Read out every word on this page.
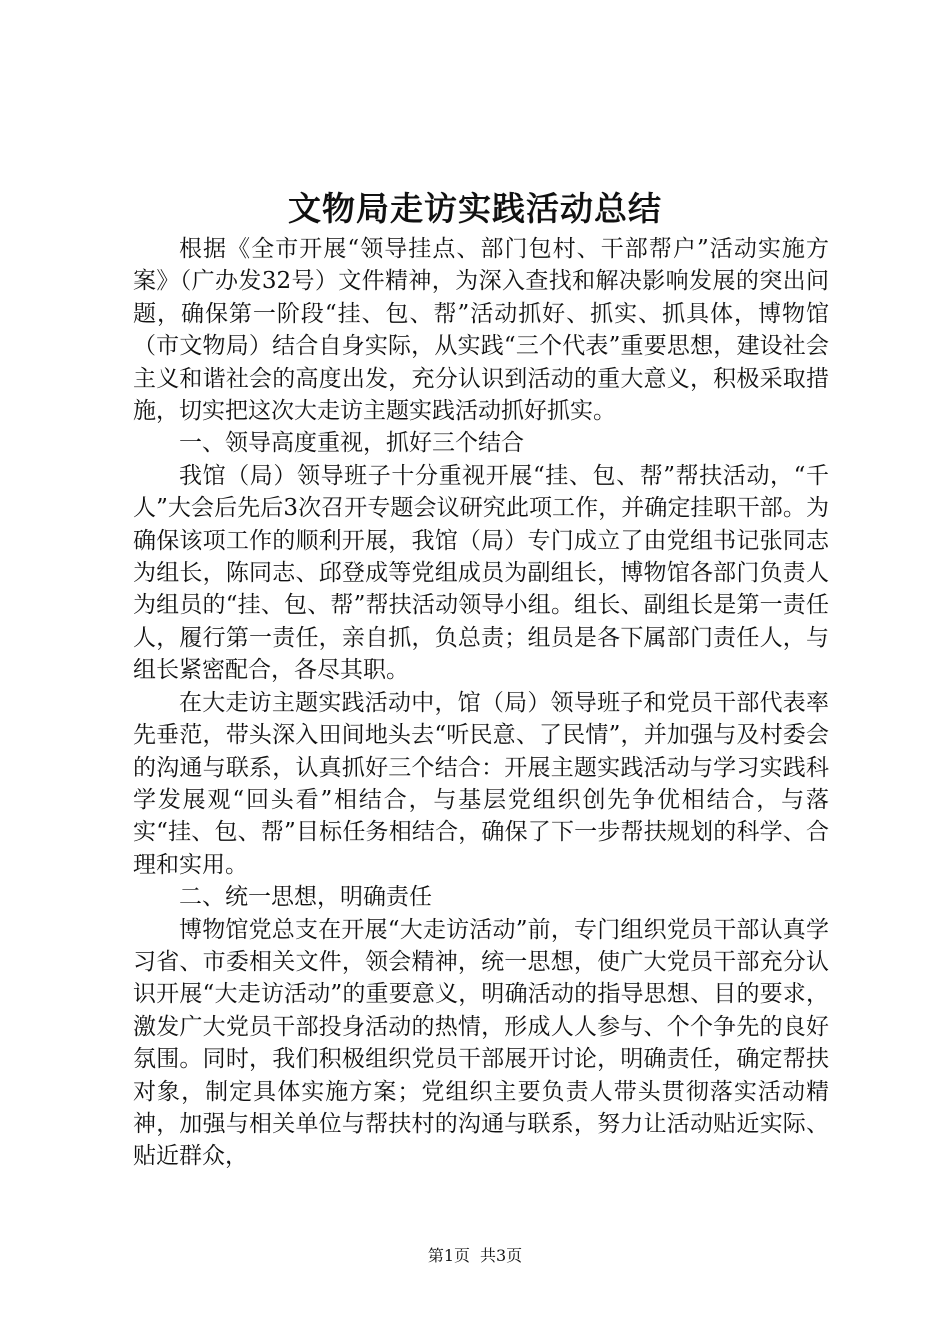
文物局走访实践活动总结

根据《全市开展“领导挂点、部门包村、干部帮户”活动实施方案》（广办发32号）文件精神，为深入查找和解决影响发展的突出问题，确保第一阶段“挂、包、帮”活动抓好、抓实、抓具体，博物馆（市文物局）结合自身实际，从实践“三个代表”重要思想，建设社会主义和谐社会的高度出发，充分认识到活动的重大意义，积极采取措施，切实把这次大走访主题实践活动抓好抓实。

一、领导高度重视，抓好三个结合

我馆（局）领导班子十分重视开展“挂、包、帮”帮扶活动，“千人”大会后先后3次召开专题会议研究此项工作，并确定挂职干部。为确保该项工作的顺利开展，我馆（局）专门成立了由党组书记张同志为组长，陈同志、邱登成等党组成员为副组长，博物馆各部门负责人为组员的“挂、包、帮”帮扶活动领导小组。组长、副组长是第一责任人，履行第一责任，亲自抓，负总责；组员是各下属部门责任人，与组长紧密配合，各尽其职。

在大走访主题实践活动中，馆（局）领导班子和党员干部代表率先垂范，带头深入田间地头去“听民意、了民情”，并加强与及村委会的沟通与联系，认真抓好三个结合：开展主题实践活动与学习实践科学发展观“回头看”相结合，与基层党组织创先争优相结合，与落实“挂、包、帮”目标任务相结合，确保了下一步帮扶规划的科学、合理和实用。

二、统一思想，明确责任

博物馆党总支在开展“大走访活动”前，专门组织党员干部认真学习省、市委相关文件，领会精神，统一思想，使广大党员干部充分认识开展“大走访活动”的重要意义，明确活动的指导思想、目的要求，激发广大党员干部投身活动的热情，形成人人参与、个个争先的良好氛围。同时，我们积极组织党员干部展开讨论，明确责任，确定帮扶对象，制定具体实施方案；党组织主要负责人带头贯彻落实活动精神，加强与相关单位与帮扶村的沟通与联系，努力让活动贴近实际、贴近群众，

第1页 共3页
